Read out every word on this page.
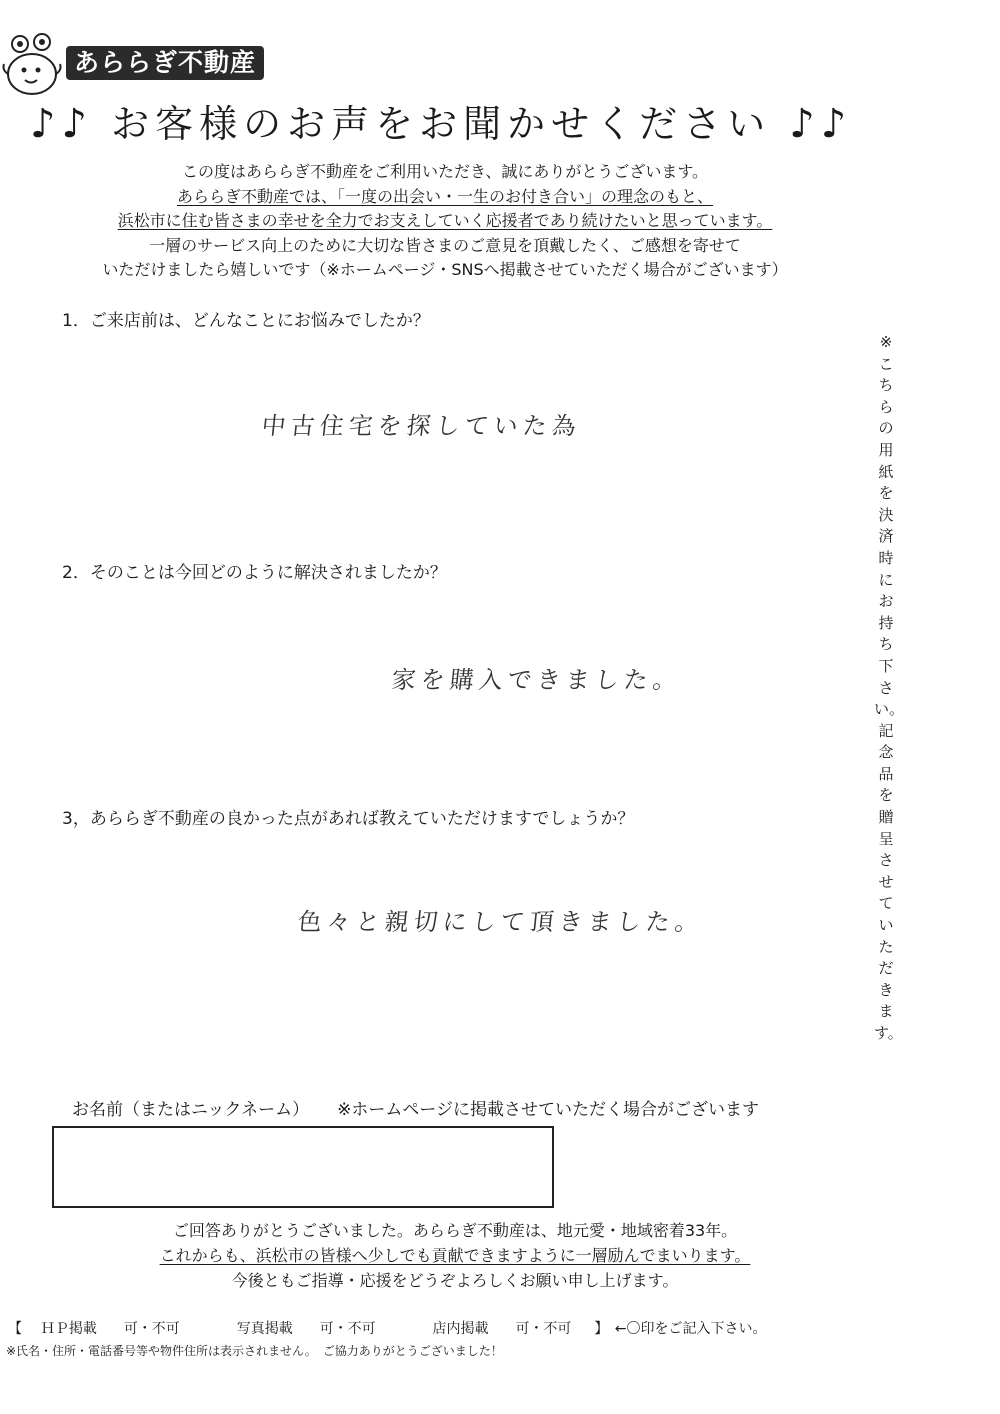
あららぎ不動産
♪♪ お客様のお声をお聞かせください ♪♪
この度はあららぎ不動産をご利用いただき、誠にありがとうございます。
あららぎ不動産では、「一度の出会い・一生のお付き合い」の理念のもと、
浜松市に住む皆さまの幸せを全力でお支えしていく応援者であり続けたいと思っています。
一層のサービス向上のために大切な皆さまのご意見を頂戴したく、ご感想を寄せて
いただけましたら嬉しいです（※ホームページ・SNSへ掲載させていただく場合がございます）
1．ご来店前は、どんなことにお悩みでしたか？
中古住宅を探していた為
2．そのことは今回どのように解決されましたか？
家を購入できました。
3，あららぎ不動産の良かった点があれば教えていただけますでしょうか？
色々と親切にして頂きました。
※こちらの用紙を決済時にお持ち下さい。記念品を贈呈させていただきます。
お名前（またはニックネーム） ※ホームページに掲載させていただく場合がございます
ご回答ありがとうございました。あららぎ不動産は、地元愛・地域密着33年。
これからも、浜松市の皆様へ少しでも貢献できますように一層励んでまいります。
今後ともご指導・応援をどうぞよろしくお願い申し上げます。
【 ＨＰ掲載 可・不可	写真掲載 可・不可	店内掲載 可・不可 】 ←〇印をご記入下さい。
※氏名・住所・電話番号等や物件住所は表示されません。　ご協力ありがとうございました！
